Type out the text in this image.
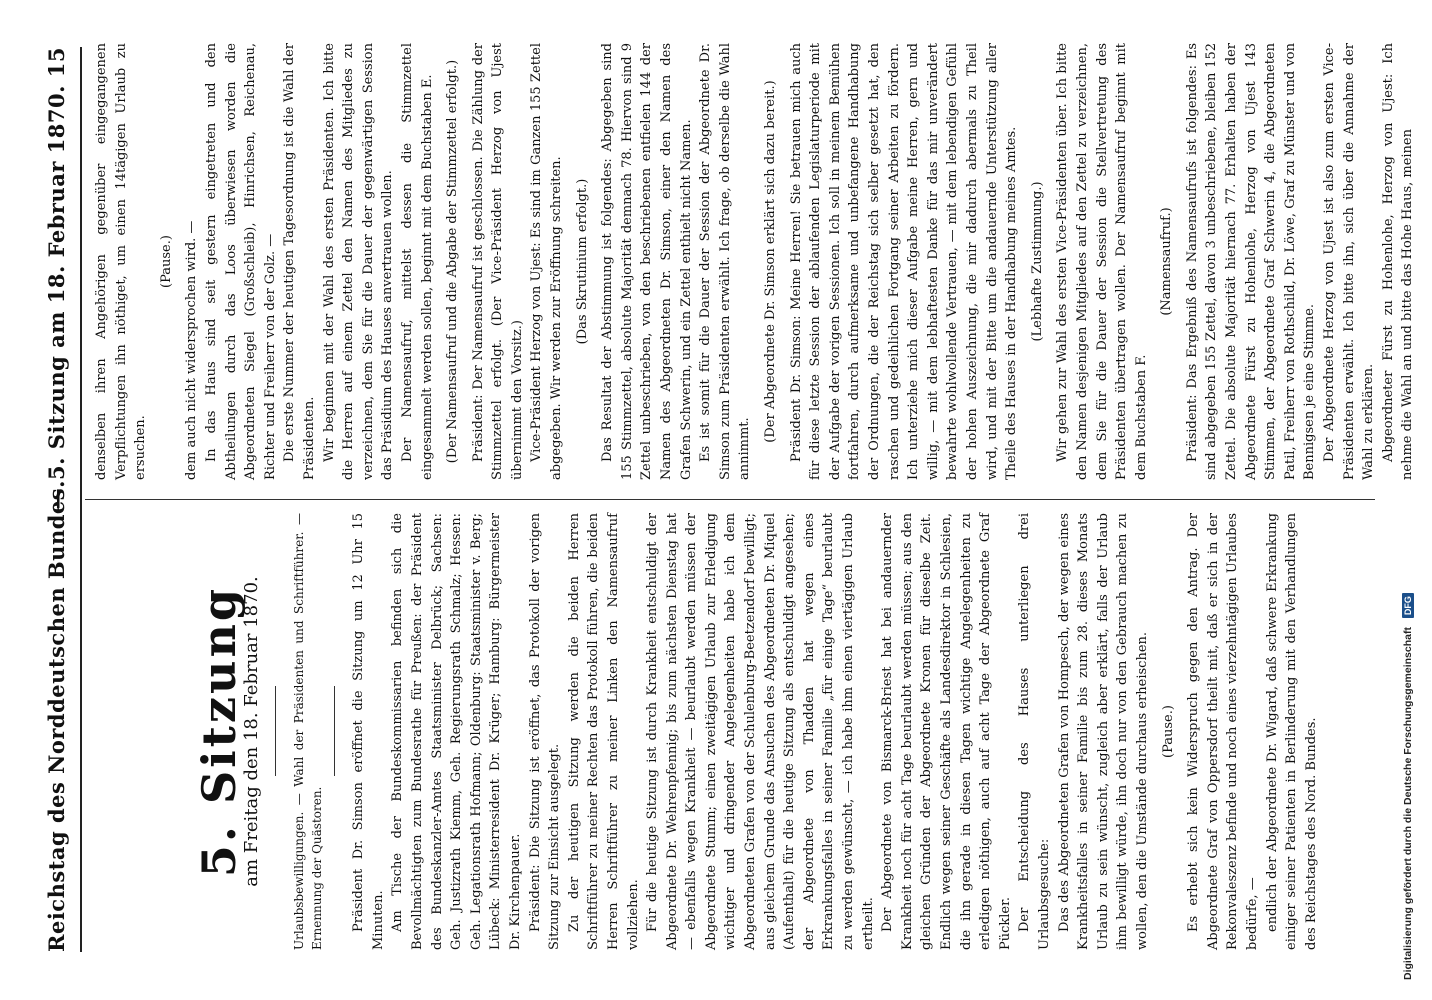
Reichstag des Norddeutschen Bundes.
— 5. Sitzung am 18. Februar 1870. 15
5. Sitzung
am Freitag den 18. Februar 1870.	Urlaubsbewilligungen. — Wahl der Präsidenten und Schriftführer. — Ernennung der Quästoren. Präsident Dr. Simson eröffnet die Sitzung um 12 Uhr 15 Minuten. Am Tische der Bundeskommissarien befinden sich die Bevollmächtigten zum Bundesrathe für Preußen: der Präsident des Bundeskanzler-Amtes Staatsminister Delbrück; Sachsen: Geh. Justizrath Kiemm, Geh. Regierungsrath Schmalz; Hessen: Geh. Legationsrath Hofmann; Oldenburg: Staatsminister v. Berg; Lübeck: Ministerresident Dr. Krüger; Hamburg: Bürgermeister Dr. Kirchenpauer. Präsident: Die Sitzung ist eröffnet, das Protokoll der vorigen Sitzung zur Einsicht ausgelegt. Zu der heutigen Sitzung werden die beiden Herren Schriftführer zu meiner Rechten das Protokoll führen, die beiden Herren Schriftführer zu meiner Linken den Namensaufruf vollziehen. Für die heutige Sitzung ist durch Krankheit entschuldigt der Abgeordnete Dr. Wehrenpfennig; bis zum nächsten Dienstag hat — ebenfalls wegen Krankheit — beurlaubt werden müssen der Abgeordnete Stumm; einen zweitägigen Urlaub zur Erledigung wichtiger und dringender Angelegenheiten habe ich dem Abgeordneten Grafen von der Schulenburg-Beetzendorf bewilligt; aus gleichem Grunde das Ansuchen des Abgeordneten Dr. Miquel (Aufenthalt) für die heutige Sitzung als entschuldigt angesehen; der Abgeordnete von Thadden hat wegen eines Erkrankungsfalles in seiner Familie „für einige Tage“ beurlaubt zu werden gewünscht, — ich habe ihm einen viertägigen Urlaub ertheilt. Der Abgeordnete von Bismarck-Briest hat bei andauernder Krankheit noch für acht Tage beurlaubt werden müssen; aus den gleichen Gründen der Abgeordnete Kronen für dieselbe Zeit. Endlich wegen seiner Geschäfte als Landesdirektor in Schlesien, die ihn gerade in diesen Tagen wichtige Angelegenheiten zu erledigen nöthigen, auch auf acht Tage der Abgeordnete Graf Pückler. Der Entscheidung des Hauses unterliegen drei Urlaubsgesuche: Das des Abgeordneten Grafen von Hompesch, der wegen eines Krankheitsfalles in seiner Familie bis zum 28. dieses Monats Urlaub zu sein wünscht, zugleich aber erklärt, falls der Urlaub ihm bewilligt würde, ihn doch nur von den Gebrauch machen zu wollen, den die Umstände durchaus erheischen. (Pause.) Es erhebt sich kein Widerspruch gegen den Antrag. Der Abgeordnete Graf von Oppersdorf theilt mit, daß er sich in der Rekonvaleszenz befinde und noch eines vierzehntägigen Urlaubes bedürfe, — endlich der Abgeordnete Dr. Wigard, daß schwere Erkrankung einiger seiner Patienten in Berlinderung mit den Verhandlungen des Reichstages des Nord. Bundes.

denselben ihren Angehörigen gegenüber eingegangenen Verpflichtungen ihn nöthiget, um einen 14tägigen Urlaub zu ersuchen.

(Pause.) dem auch nicht widersprochen wird. — In das Haus sind seit gestern eingetreten und den Abtheilungen durch das Loos überwiesen worden die Abgeordneten Siegel (Großschleib), Hinrichsen, Reichenau, Richter und Freiherr von der Golz. — Die erste Nummer der heutigen Tagesordnung ist die Wahl der Präsidenten. Wir beginnen mit der Wahl des ersten Präsidenten. Ich bitte die Herren auf einem Zettel den Namen des Mitgliedes zu verzeichnen, dem Sie für die Dauer der gegenwärtigen Session das Präsidium des Hauses anvertrauen wollen. Der Namensaufruf, mittelst dessen die Stimmzettel eingesammelt werden sollen, beginnt mit dem Buchstaben E. (Der Namensaufruf und die Abgabe der Stimmzettel erfolgt.) Präsident: Der Namensaufruf ist geschlossen. Die Zählung der Stimmzettel erfolgt. (Der Vice-Präsident Herzog von Ujest übernimmt den Vorsitz.) Vice-Präsident Herzog von Ujest: Es sind im Ganzen 155 Zettel abgegeben. Wir werden zur Eröffnung schreiten. (Das Skrutinium erfolgt.) Das Resultat der Abstimmung ist folgendes: Abgegeben sind 155 Stimmzettel, absolute Majorität demnach 78. Hiervon sind 9 Zettel unbeschrieben, von den beschriebenen entfielen 144 der Namen des Abgeordneten Dr. Simson, einer den Namen des Grafen Schwerin, und ein Zettel enthielt nicht Namen. Es ist somit für die Dauer der Session der Abgeordnete Dr. Simson zum Präsidenten erwählt. Ich frage, ob derselbe die Wahl annimmt.

(Der Abgeordnete Dr. Simson erklärt sich dazu bereit.) Präsident Dr. Simson: Meine Herren! Sie betrauen mich auch für diese letzte Session der ablaufenden Legislaturperiode mit der Aufgabe der vorigen Sessionen. Ich soll in meinem Bemühen fortfahren, durch aufmerksame und unbefangene Handhabung der Ordnungen, die der Reichstag sich selber gesetzt hat, den raschen und gedeihlichen Fortgang seiner Arbeiten zu fördern. Ich unterziehe mich dieser Aufgabe meine Herren, gern und willig, — mit dem lebhaftesten Danke für das mir unverändert bewahrte wohlwollende Vertrauen, — mit dem lebendigen Gefühl der hohen Auszeichnung, die mir dadurch abermals zu Theil wird, und mit der Bitte um die andauernde Unterstützung aller Theile des Hauses in der Handhabung meines Amtes. (Lebhafte Zustimmung.) Wir gehen zur Wahl des ersten Vice-Präsidenten über. Ich bitte den Namen desjenigen Mitgliedes auf den Zettel zu verzeichnen, dem Sie für die Dauer der Session die Stellvertretung des Präsidenten übertragen wollen. Der Namensaufruf beginnt mit dem Buchstaben F.

(Namensaufruf.) Präsident: Das Ergebniß des Namensaufrufs ist folgendes: Es sind abgegeben 155 Zettel, davon 3 unbeschriebene, bleiben 152 Zettel. Die absolute Majorität hiernach 77. Erhalten haben der Abgeordnete Fürst zu Hohenlohe, Herzog von Ujest 143 Stimmen, der Abgeordnete Graf Schwerin 4, die Abgeordneten Patil, Freiherr von Rothschild, Dr. Löwe, Graf zu Münster und von Bennigsen je eine Stimme. Der Abgeordnete Herzog von Ujest ist also zum ersten Vice-Präsidenten erwählt. Ich bitte ihn, sich über die Annahme der Wahl zu erklären. Abgeordneter Fürst zu Hohenlohe, Herzog von Ujest: Ich nehme die Wahl an und bitte das Hohe Haus, meinen

Digitalisierung gefördert durch die Deutsche Forschungsgemeinschaft DFG
